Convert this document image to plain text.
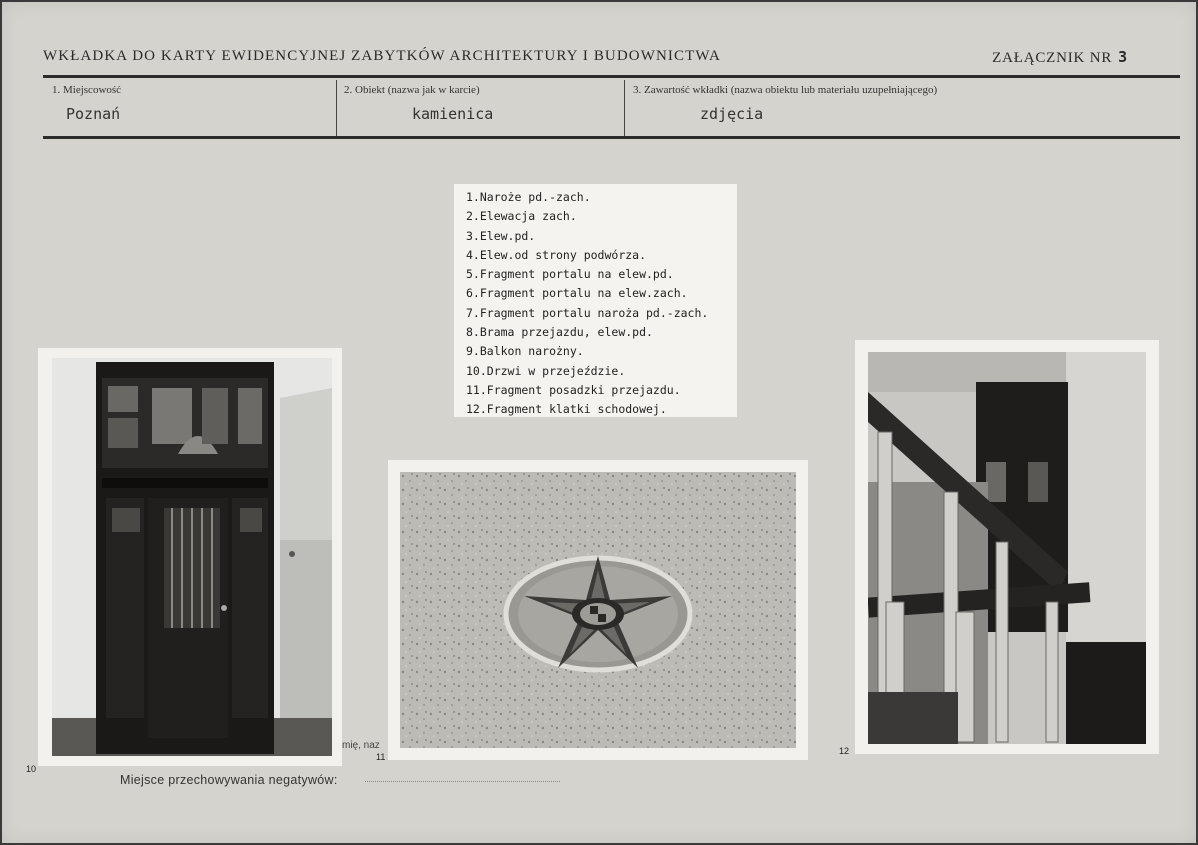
WKŁADKA DO KARTY EWIDENCYJNEJ ZABYTKÓW ARCHITEKTURY I BUDOWNICTWA	ZAŁĄCZNIK NR 3
1. Miejscowość
Poznań
2. Obiekt (nazwa jak w karcie)
kamienica
3. Zawartość wkładki (nazwa obiektu lub materiału uzupełniającego)
zdjęcia
1.Naroże pd.-zach.
2.Elewacja zach.
3.Elew.pd.
4.Elew.od strony podwórza.
5.Fragment portalu na elew.pd.
6.Fragment portalu na elew.zach.
7.Fragment portalu naroża pd.-zach.
8.Brama przejazdu, elew.pd.
9.Balkon narożny.
10.Drzwi w przejeździe.
11.Fragment posadzki przejazdu.
12.Fragment klatki schodowej.
mię, naz
10
11
12
Miejsce przechowywania negatywów:
